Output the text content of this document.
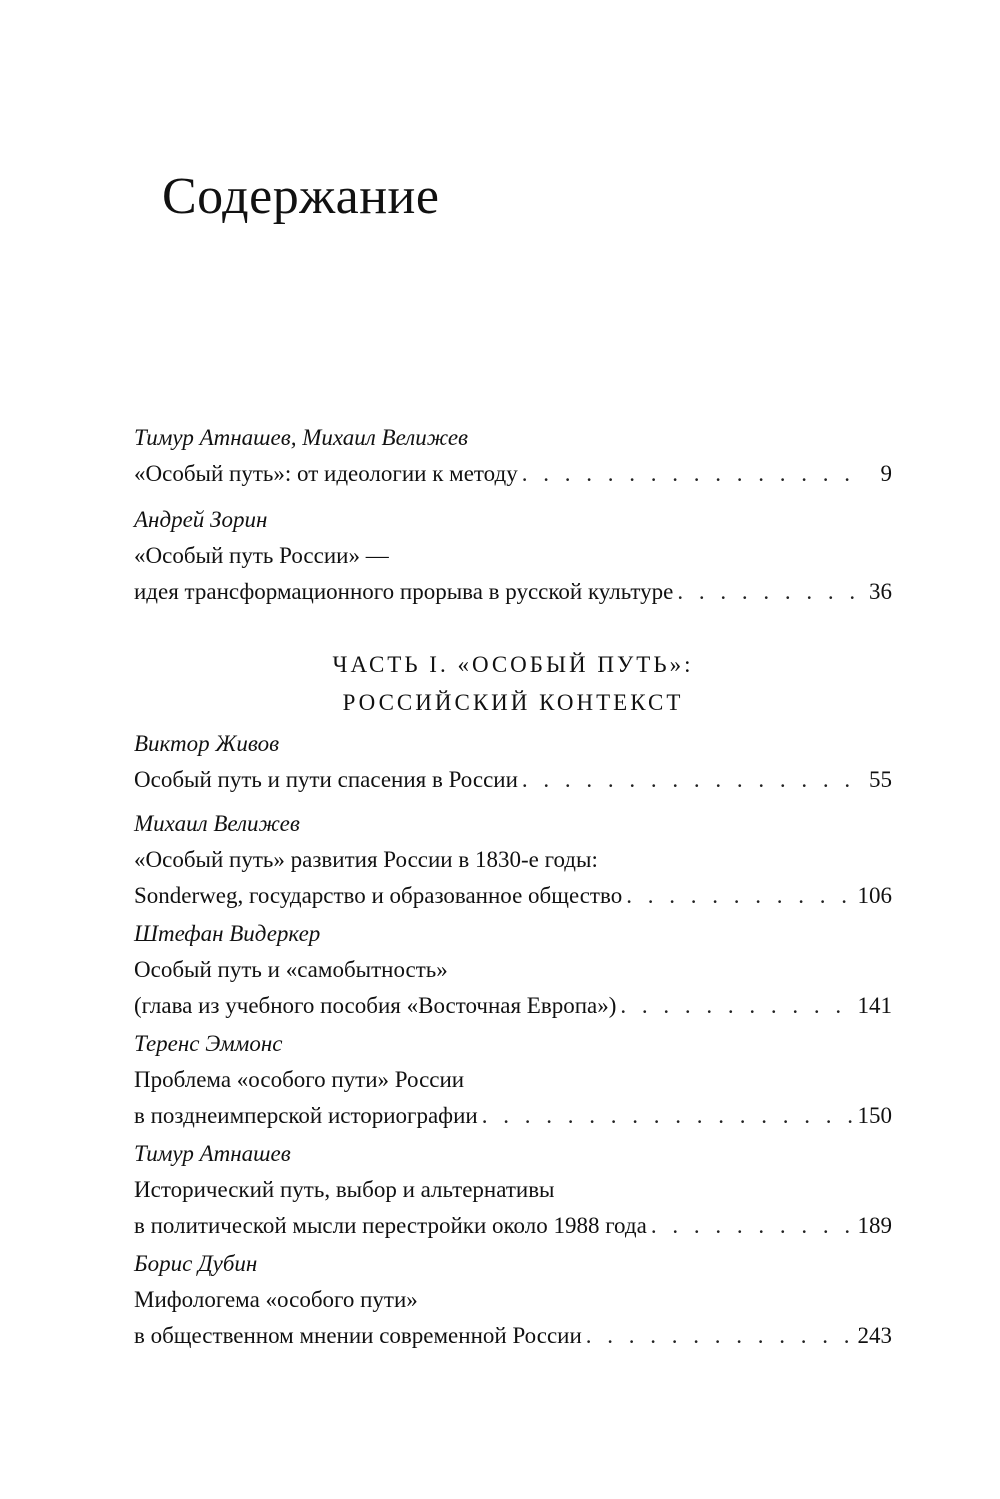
Содержание
Тимур Атнашев, Михаил Велижев
«Особый путь»: от идеологии к методу . . .	9
Андрей Зорин
«Особый путь России» —
идея трансформационного прорыва в русской культуре . . .	36
ЧАСТЬ I. «ОСОБЫЙ ПУТЬ»:
РОССИЙСКИЙ КОНТЕКСТ
Виктор Живов
Особый путь и пути спасения в России . . .	55
Михаил Велижев
«Особый путь» развития России в 1830-е годы:
Sonderweg, государство и образованное общество . . .	106
Штефан Видеркер
Особый путь и «самобытность»
(глава из учебного пособия «Восточная Европа») . . .	141
Теренс Эммонс
Проблема «особого пути» России
в позднеимперской историографии . . .	150
Тимур Атнашев
Исторический путь, выбор и альтернативы
в политической мысли перестройки около 1988 года . . .	189
Борис Дубин
Мифологема «особого пути»
в общественном мнении современной России . . .	243
